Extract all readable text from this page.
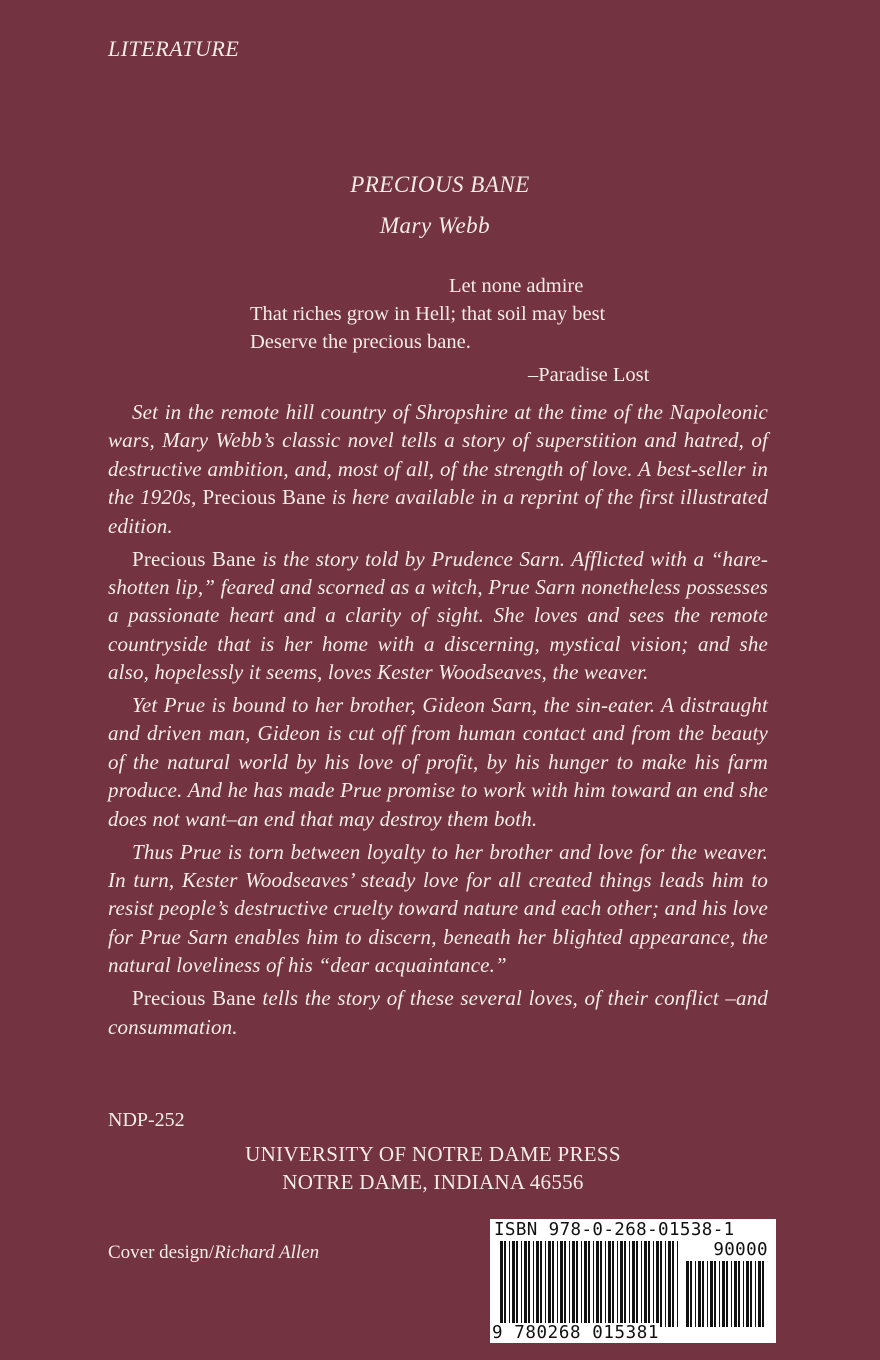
LITERATURE
PRECIOUS BANE
Mary Webb
Let none admire
That riches grow in Hell; that soil may best
Deserve the precious bane.
–Paradise Lost

Set in the remote hill country of Shropshire at the time of the Napoleonic wars, Mary Webb’s classic novel tells a story of superstition and hatred, of destructive ambition, and, most of all, of the strength of love. A best-seller in the 1920s, Precious Bane is here available in a reprint of the first illustrated edition.

Precious Bane is the story told by Prudence Sarn. Afflicted with a “hare-shotten lip,” feared and scorned as a witch, Prue Sarn nonetheless possesses a passionate heart and a clarity of sight. She loves and sees the remote countryside that is her home with a discerning, mystical vision; and she also, hopelessly it seems, loves Kester Woodseaves, the weaver.

Yet Prue is bound to her brother, Gideon Sarn, the sin-eater. A distraught and driven man, Gideon is cut off from human contact and from the beauty of the natural world by his love of profit, by his hunger to make his farm produce. And he has made Prue promise to work with him toward an end she does not want–an end that may destroy them both.

Thus Prue is torn between loyalty to her brother and love for the weaver. In turn, Kester Woodseaves’ steady love for all created things leads him to resist people’s destructive cruelty toward nature and each other; and his love for Prue Sarn enables him to discern, beneath her blighted appearance, the natural loveliness of his “dear acquaintance.”

Precious Bane tells the story of these several loves, of their conflict –and consummation.

NDP-252
UNIVERSITY OF NOTRE DAME PRESS
NOTRE DAME, INDIANA 46556
Cover design/Richard Allen
ISBN 978-0-268-01538-1
90000
9 780268 015381
